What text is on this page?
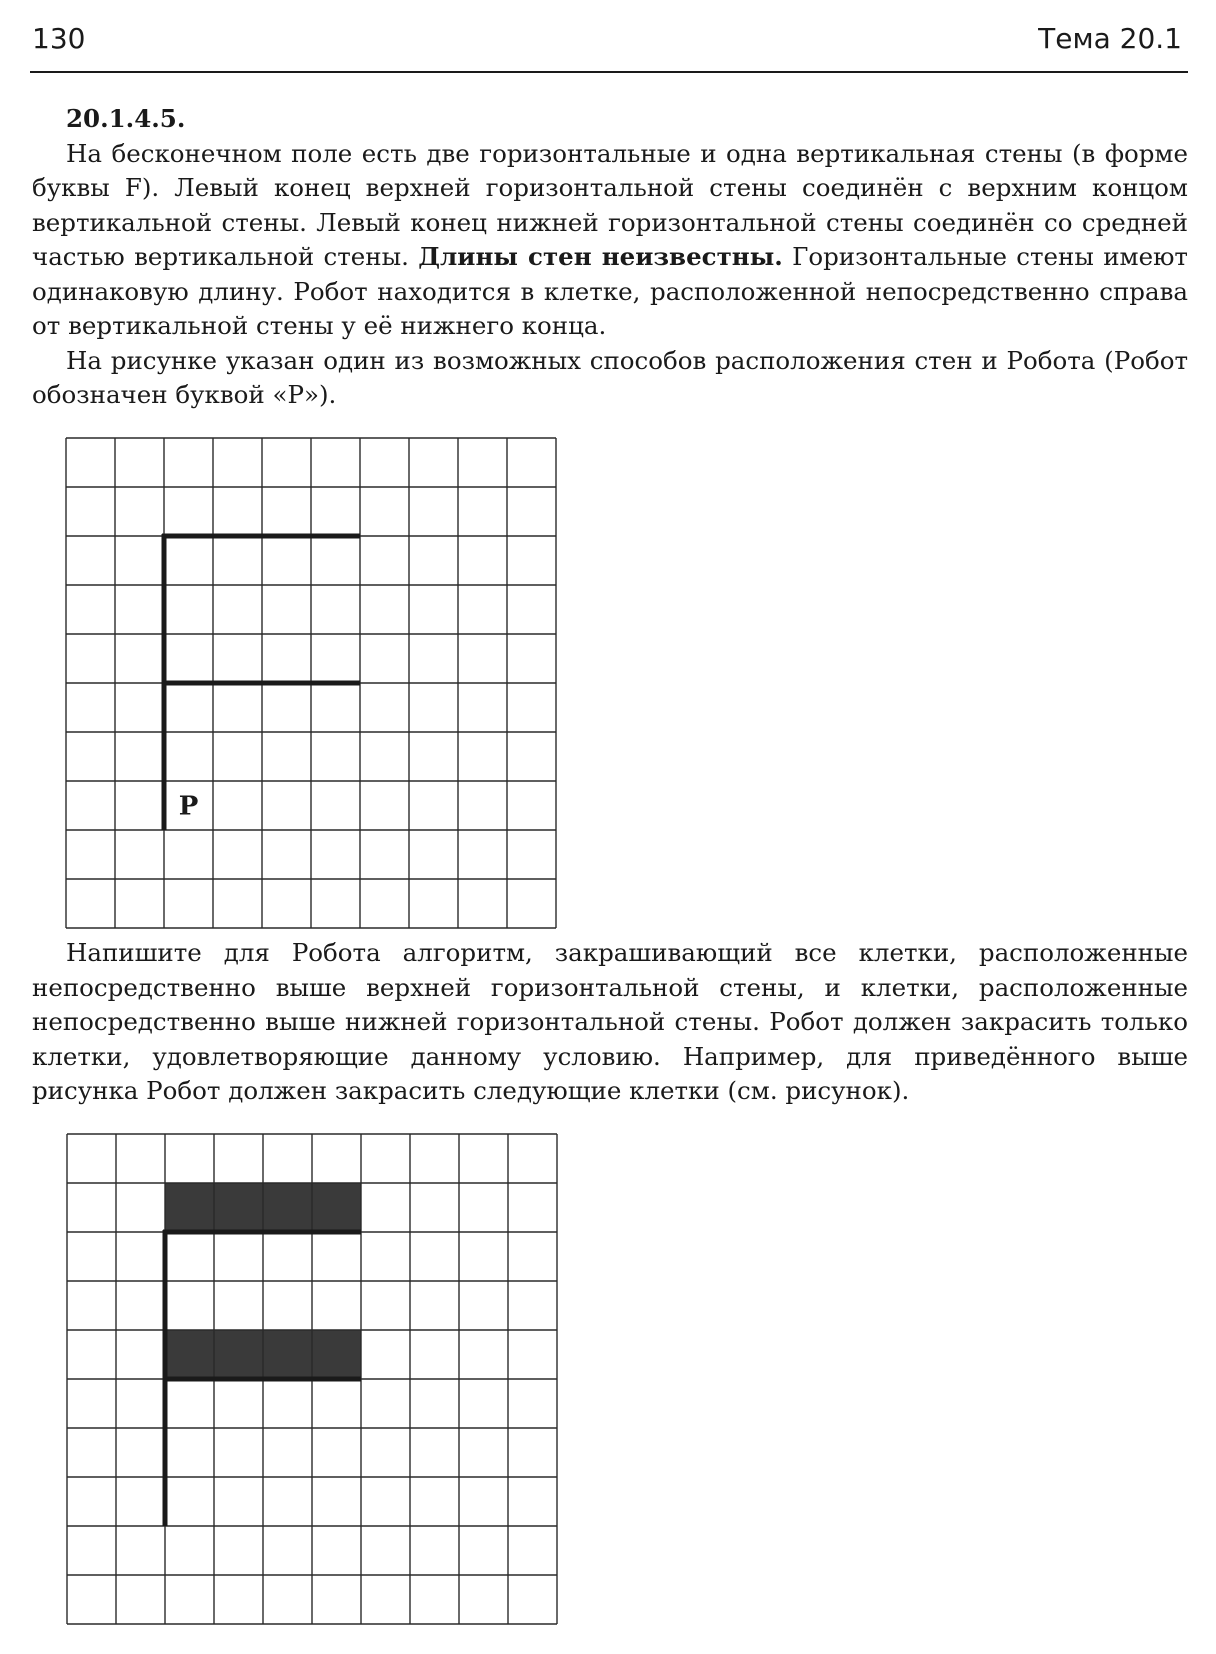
130	Тема 20.1
20.1.4.5.

На бесконечном поле есть две горизонтальные и одна вертикальная стены (в форме буквы F). Левый конец верхней горизонтальной стены соединён с верхним концом вертикальной стены. Левый конец нижней горизонтальной стены соединён со средней частью вертикальной стены. Длины стен неизвестны. Горизонтальные стены имеют одинаковую длину. Робот находится в клетке, расположенной непосредственно справа от вертикальной стены у её нижнего конца.

На рисунке указан один из возможных способов расположения стен и Робота (Робот обозначен буквой «Р»).

Напишите для Робота алгоритм, закрашивающий все клетки, расположенные непосредственно выше верхней горизонтальной стены, и клетки, расположенные непосредственно выше нижней горизонтальной стены. Робот должен закрасить только клетки, удовлетворяющие данному условию. Например, для приведённого выше рисунка Робот должен закрасить следующие клетки (см. рисунок).

Р
